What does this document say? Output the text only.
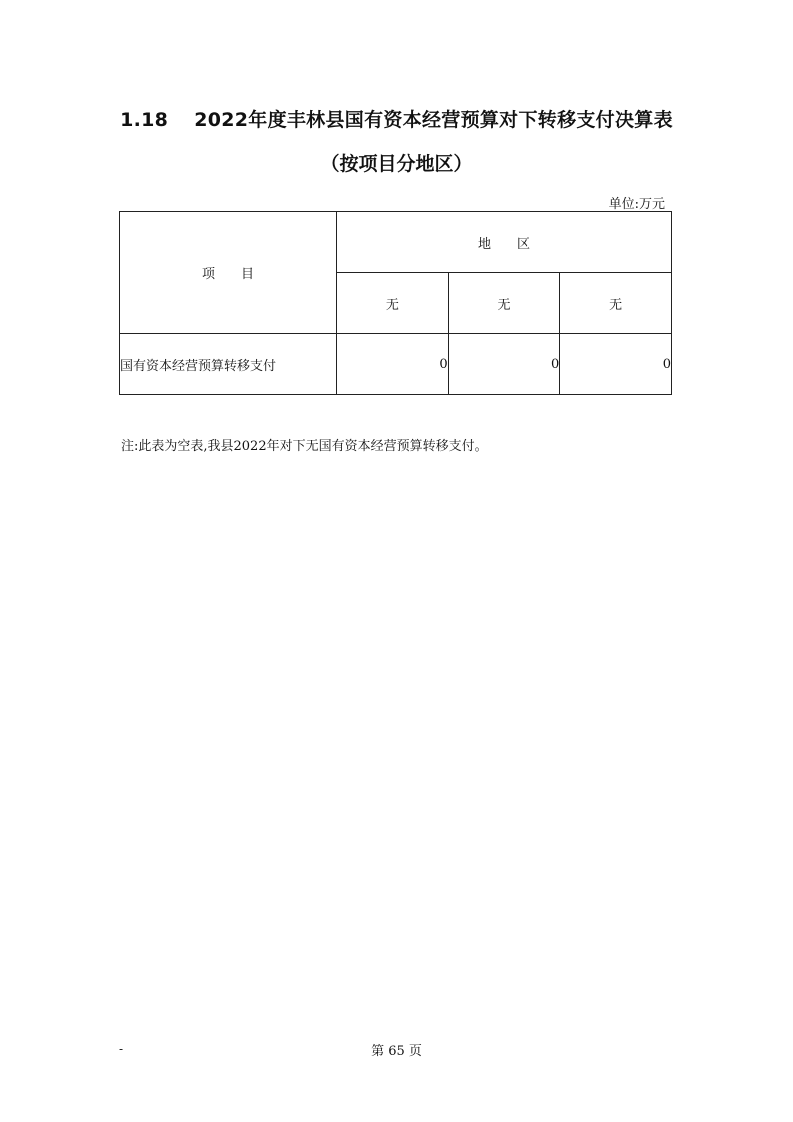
1.18 2022年度丰林县国有资本经营预算对下转移支付决算表
（按项目分地区）
单位:万元
项 目	地 区		
	无	无	无
国有资本经营预算转移支付	0	0	0
注:此表为空表,我县2022年对下无国有资本经营预算转移支付。
-	第 65 页
